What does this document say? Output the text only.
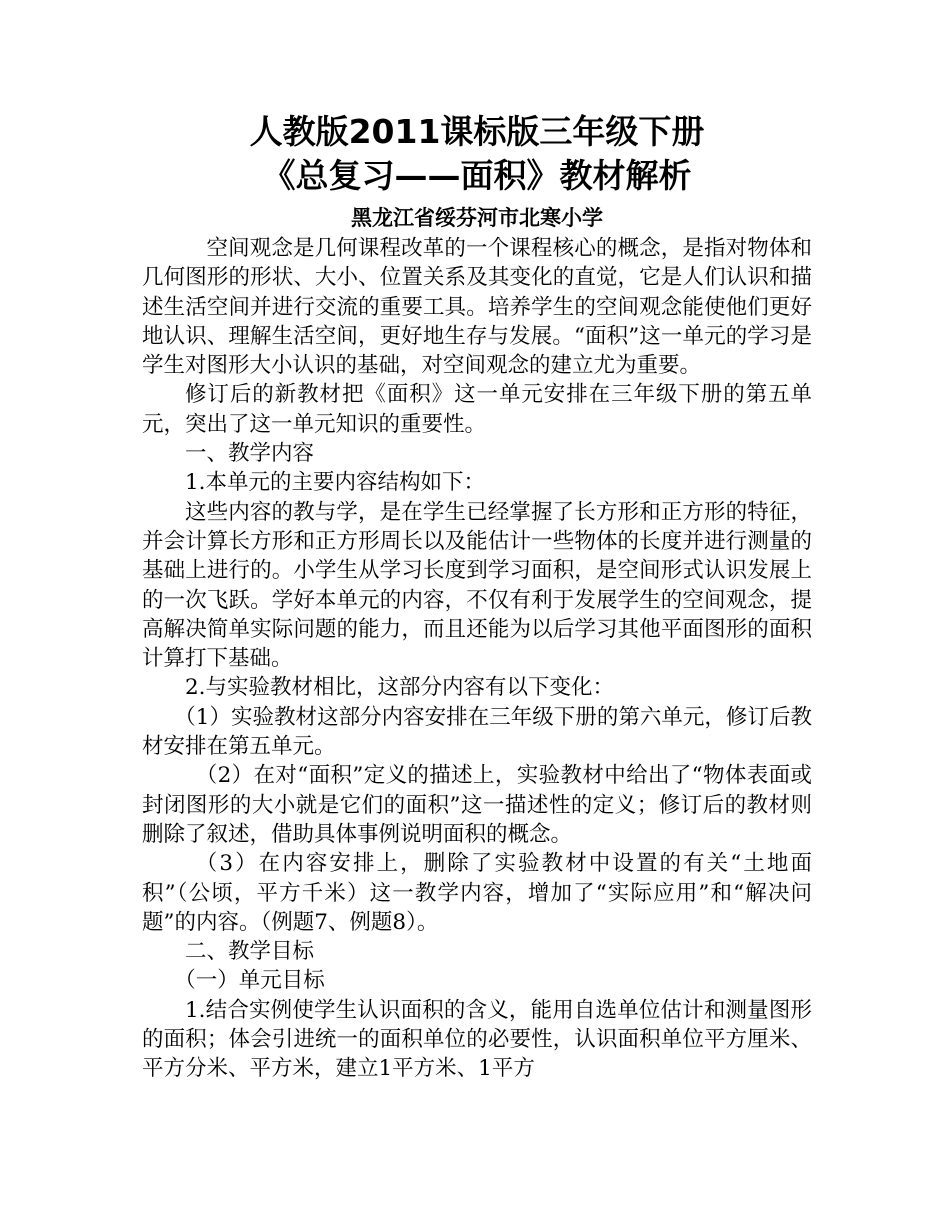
人教版2011课标版三年级下册
《总复习——面积》教材解析
黑龙江省绥芬河市北寒小学

空间观念是几何课程改革的一个课程核心的概念，是指对物体和几何图形的形状、大小、位置关系及其变化的直觉，它是人们认识和描述生活空间并进行交流的重要工具。培养学生的空间观念能使他们更好地认识、理解生活空间，更好地生存与发展。“面积”这一单元的学习是学生对图形大小认识的基础，对空间观念的建立尤为重要。

修订后的新教材把《面积》这一单元安排在三年级下册的第五单元，突出了这一单元知识的重要性。

一、教学内容

1.本单元的主要内容结构如下：

这些内容的教与学，是在学生已经掌握了长方形和正方形的特征，并会计算长方形和正方形周长以及能估计一些物体的长度并进行测量的基础上进行的。小学生从学习长度到学习面积，是空间形式认识发展上的一次飞跃。学好本单元的内容，不仅有利于发展学生的空间观念，提高解决简单实际问题的能力，而且还能为以后学习其他平面图形的面积计算打下基础。

2.与实验教材相比，这部分内容有以下变化：

（1）实验教材这部分内容安排在三年级下册的第六单元，修订后教材安排在第五单元。

（2）在对“面积”定义的描述上，实验教材中给出了“物体表面或封闭图形的大小就是它们的面积”这一描述性的定义；修订后的教材则删除了叙述，借助具体事例说明面积的概念。

（3）在内容安排上，删除了实验教材中设置的有关“土地面积”（公顷，平方千米）这一教学内容，增加了“实际应用”和“解决问题”的内容。（例题7、例题8）。

二、教学目标

（一）单元目标

1.结合实例使学生认识面积的含义，能用自选单位估计和测量图形的面积；体会引进统一的面积单位的必要性，认识面积单位平方厘米、平方分米、平方米，建立1平方米、1平方
